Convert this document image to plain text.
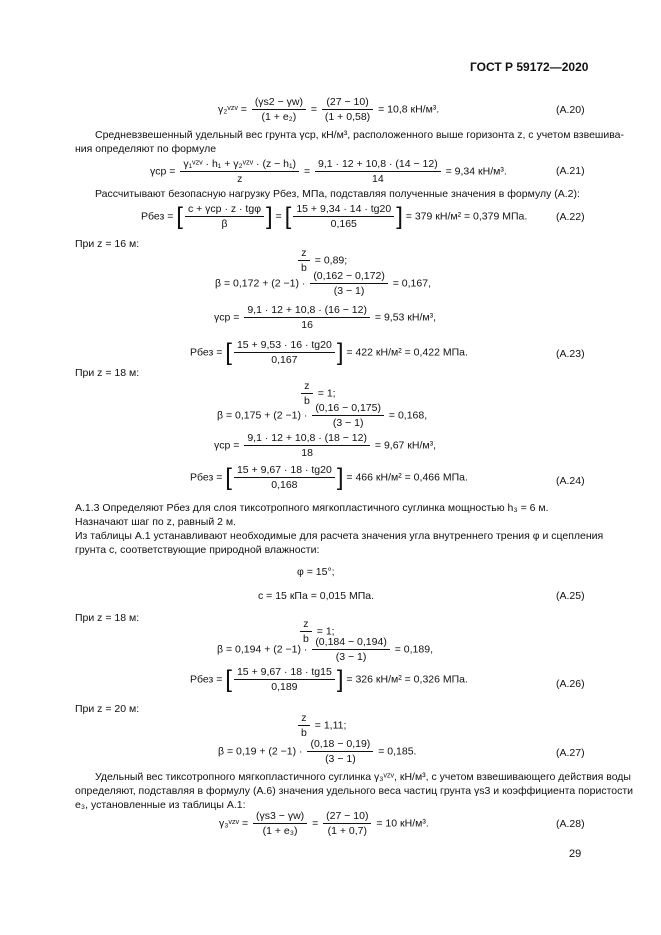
ГОСТ Р 59172—2020
γ₂ᵛᶻᵛ = $\frac{(\gamma s2 - \gamma w)}{\text{(1 + e₂)}} = \frac{(27 - 10)}{(1 + 0,58)} = 10,8$ кН/м³.	(A.20)
Средневзвешенный удельный вес грунта γср, кН/м³, расположенного выше горизонта z, с учетом взвешива-
ния определяют по формуле
$\gamma ср = \frac{\text{γ₁ᵛᶻᵛ · h₁ + γ₂ᵛᶻᵛ · (z − h₁)}}{z} = \frac{9,1 \cdot 12 + 10,8 \cdot (14 - 12)}{14} = 9,34$ кН/м³.	(A.21)
Рассчитывают безопасную нагрузку Pбез, МПа, подставляя полученные значения в формулу (А.2):
Pбез = [ $\frac{\text{c + γср · z · tgφ}}{\beta}$ ] = [ $\frac{15 + 9,34 \cdot 14 \cdot tg20}{0,165}$ ] = 379 кН/м² = 0,379 МПа.	(A.22)
При z = 16 м:
$\frac{z}{b} = 0,89$;
$\beta = 0,172 + (2 -1) \cdot \frac{(0,162 - 0,172)}{(3 - 1)} = 0,167$,
$\gamma ср = \frac{9,1 \cdot 12 + 10,8 \cdot (16 - 12)}{16} = 9,53$ кН/м³,
Pбез = [ $\frac{15 + 9,53 \cdot 16 \cdot tg20}{0,167}$ ] = 422 кН/м² = 0,422 МПа.	(A.23)
При z = 18 м:
$\frac{z}{b} = 1$;
$\beta = 0,175 + (2 -1) \cdot \frac{(0,16 - 0,175)}{(3 - 1)} = 0,168$,
$\gamma ср = \frac{9,1 \cdot 12 + 10,8 \cdot (18 - 12)}{18} = 9,67$ кН/м³,
Pбез = [ $\frac{15 + 9,67 \cdot 18 \cdot tg20}{0,168}$ ] = 466 кН/м² = 0,466 МПа.	(A.24)
А.1.3 Определяют Pбез для слоя тиксотропного мягкопластичного суглинка мощностью h₃ = 6 м.
Назначают шаг по z, равный 2 м.
Из таблицы А.1 устанавливают необходимые для расчета значения угла внутреннего трения φ и сцепления
грунта c, соответствующие природной влажности:
φ = 15°;
c = 15 кПа = 0,015 МПа.	(A.25)
При z = 18 м:	$\frac{z}{b} = 1$;
$\beta = 0,194 + (2 -1) \cdot \frac{(0,184 - 0,194)}{(3 - 1)} = 0,189$,
Pбез = [ $\frac{15 + 9,67 \cdot 18 \cdot tg15}{0,189}$ ] = 326 кН/м² = 0,326 МПа.	(A.26)
При z = 20 м:
$\frac{z}{b} = 1,11$;
$\beta = 0,19 + (2 -1) \cdot \frac{(0,18 - 0,19)}{(3 - 1)} = 0,185$.	(A.27)
Удельный вес тиксотропного мягкопластичного суглинка γ₃ᵛᶻᵛ, кН/м³, с учетом взвешивающего действия воды
определяют, подставляя в формулу (А.6) значения удельного веса частиц грунта γs3 и коэффициента пористости
e₃, установленные из таблицы А.1:
γ₃ᵛᶻᵛ = $\frac{(\gamma s3 - \gamma w)}{\text{(1 + e₃)}} = \frac{(27 - 10)}{(1 + 0,7)} = 10$ кН/м³.	(A.28)
29
